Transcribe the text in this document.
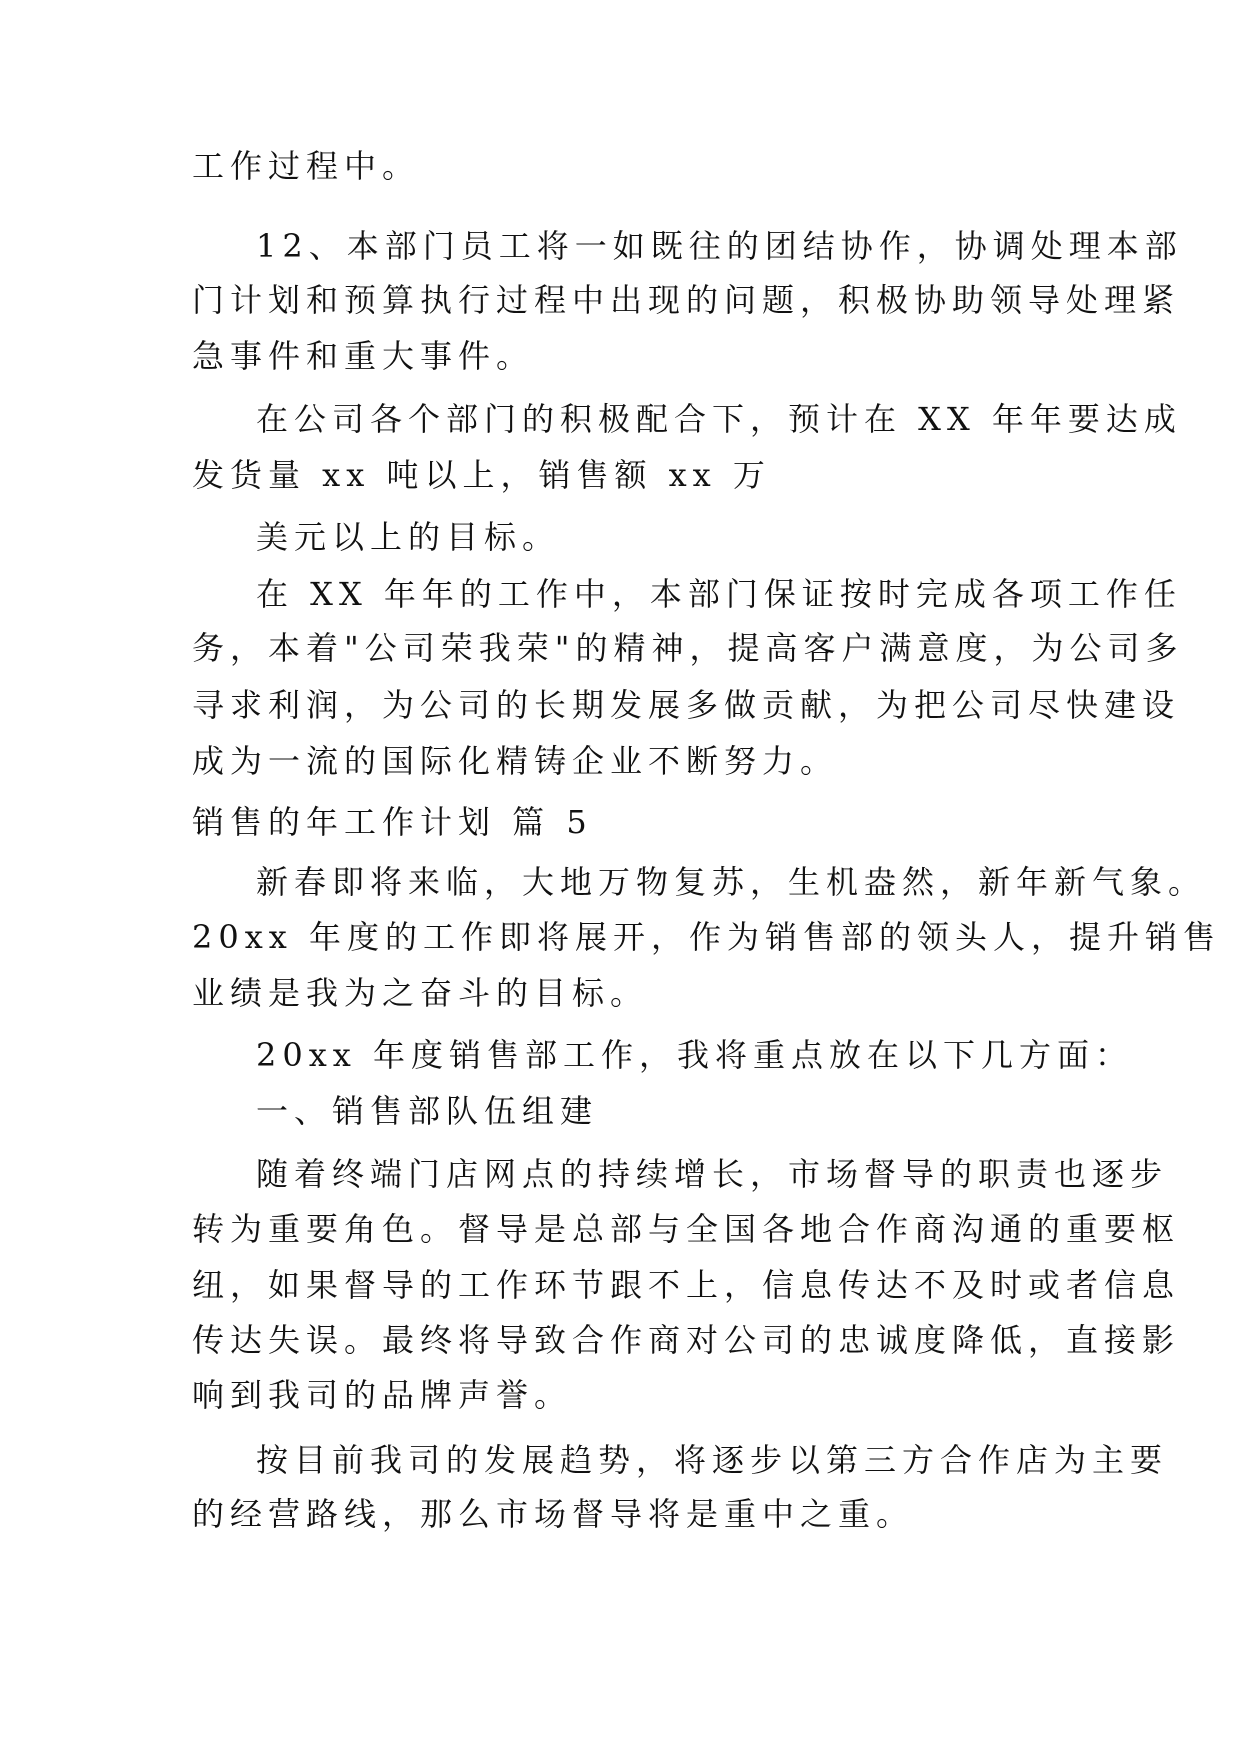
工作过程中。
12、本部门员工将一如既往的团结协作，协调处理本部
门计划和预算执行过程中出现的问题，积极协助领导处理紧
急事件和重大事件。
在公司各个部门的积极配合下，预计在 XX 年年要达成
发货量 xx 吨以上，销售额 xx 万
美元以上的目标。
在 XX 年年的工作中，本部门保证按时完成各项工作任
务，本着"公司荣我荣"的精神，提高客户满意度，为公司多
寻求利润，为公司的长期发展多做贡献，为把公司尽快建设
成为一流的国际化精铸企业不断努力。
销售的年工作计划 篇 5
新春即将来临，大地万物复苏，生机盎然，新年新气象。
20xx 年度的工作即将展开，作为销售部的领头人，提升销售
业绩是我为之奋斗的目标。
20xx 年度销售部工作，我将重点放在以下几方面：
一、销售部队伍组建
随着终端门店网点的持续增长，市场督导的职责也逐步
转为重要角色。督导是总部与全国各地合作商沟通的重要枢
纽，如果督导的工作环节跟不上，信息传达不及时或者信息
传达失误。最终将导致合作商对公司的忠诚度降低，直接影
响到我司的品牌声誉。
按目前我司的发展趋势，将逐步以第三方合作店为主要
的经营路线，那么市场督导将是重中之重。
